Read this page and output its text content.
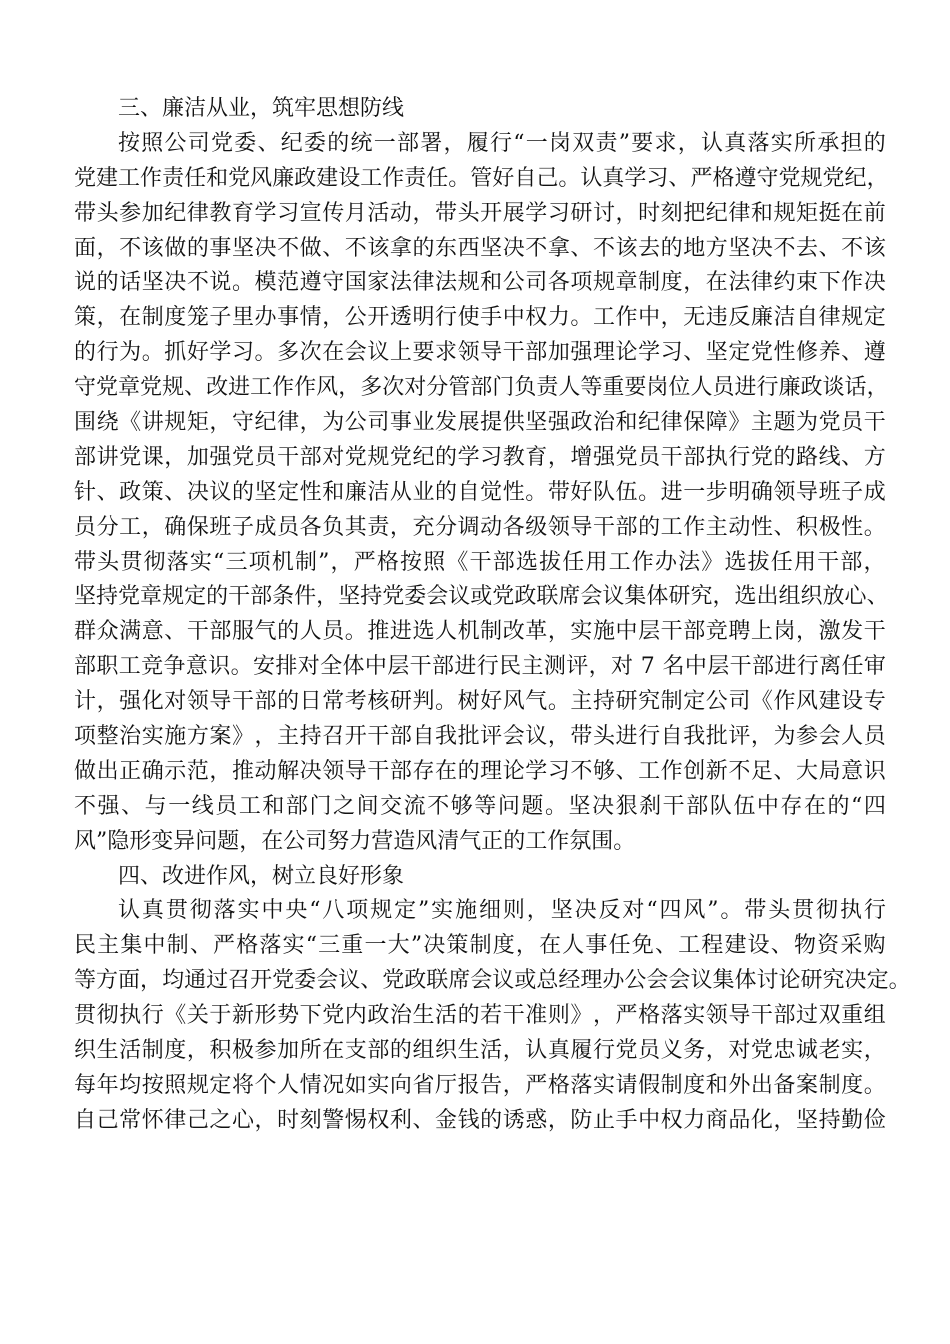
三、廉洁从业，筑牢思想防线
按 照 公 司 党 委 、 纪 委 的 统 一 部 署 ， 履 行 “ 一 岗 双 责 ” 要 求 ， 认 真 落 实 所 承 担 的
党 建 工 作 责 任 和 党 风 廉 政 建 设 工 作 责 任 。 管 好 自 己 。 认 真 学 习 、 严 格 遵 守 党 规 党 纪 ，
带 头 参 加 纪 律 教 育 学 习 宣 传 月 活 动 ， 带 头 开 展 学 习 研 讨 ， 时 刻 把 纪 律 和 规 矩 挺 在 前
面 ， 不 该 做 的 事 坚 决 不 做 、 不 该 拿 的 东 西 坚 决 不 拿 、 不 该 去 的 地 方 坚 决 不 去 、 不 该
说 的 话 坚 决 不 说 。 模 范 遵 守 国 家 法 律 法 规 和 公 司 各 项 规 章 制 度 ， 在 法 律 约 束 下 作 决
策 ， 在 制 度 笼 子 里 办 事 情 ， 公 开 透 明 行 使 手 中 权 力 。 工 作 中 ， 无 违 反 廉 洁 自 律 规 定
的 行 为 。 抓 好 学 习 。 多 次 在 会 议 上 要 求 领 导 干 部 加 强 理 论 学 习 、 坚 定 党 性 修 养 、 遵
守 党 章 党 规 、 改 进 工 作 作 风 ， 多 次 对 分 管 部 门 负 责 人 等 重 要 岗 位 人 员 进 行 廉 政 谈 话 ，
围 绕 《 讲 规 矩 ， 守 纪 律 ， 为 公 司 事 业 发 展 提 供 坚 强 政 治 和 纪 律 保 障 》 主 题 为 党 员 干
部 讲 党 课 ， 加 强 党 员 干 部 对 党 规 党 纪 的 学 习 教 育 ， 增 强 党 员 干 部 执 行 党 的 路 线 、 方
针 、 政 策 、 决 议 的 坚 定 性 和 廉 洁 从 业 的 自 觉 性 。 带 好 队 伍 。 进 一 步 明 确 领 导 班 子 成
员 分 工 ， 确 保 班 子 成 员 各 负 其 责 ， 充 分 调 动 各 级 领 导 干 部 的 工 作 主 动 性 、 积 极 性 。
带 头 贯 彻 落 实 “ 三 项 机 制 ” ， 严 格 按 照 《 干 部 选 拔 任 用 工 作 办 法 》 选 拔 任 用 干 部 ，
坚 持 党 章 规 定 的 干 部 条 件 ， 坚 持 党 委 会 议 或 党 政 联 席 会 议 集 体 研 究 ， 选 出 组 织 放 心 、
群 众 满 意 、 干 部 服 气 的 人 员 。 推 进 选 人 机 制 改 革 ， 实 施 中 层 干 部 竞 聘 上 岗 ， 激 发 干
部 职 工 竞 争 意 识 。 安 排 对 全 体 中 层 干 部 进 行 民 主 测 评 ， 对
7
名 中 层 干 部 进 行 离 任 审
计 ， 强 化 对 领 导 干 部 的 日 常 考 核 研 判 。 树 好 风 气 。 主 持 研 究 制 定 公 司 《 作 风 建 设 专
项 整 治 实 施 方 案 》 ， 主 持 召 开 干 部 自 我 批 评 会 议 ， 带 头 进 行 自 我 批 评 ， 为 参 会 人 员
做 出 正 确 示 范 ， 推 动 解 决 领 导 干 部 存 在 的 理 论 学 习 不 够 、 工 作 创 新 不 足 、 大 局 意 识
不 强 、 与 一 线 员 工 和 部 门 之 间 交 流 不 够 等 问 题 。 坚 决 狠 刹 干 部 队 伍 中 存 在 的 “ 四
风”隐形变异问题，在公司努力营造风清气正的工作氛围。
四、改进作风，树立良好形象
认 真 贯 彻 落 实 中 央 “ 八 项 规 定 ” 实 施 细 则 ， 坚 决 反 对 “ 四 风 ” 。 带 头 贯 彻 执 行
民 主 集 中 制 、 严 格 落 实 “ 三 重 一 大 ” 决 策 制 度 ， 在 人 事 任 免 、 工 程 建 设 、 物 资 采 购
等 方 面 ， 均 通 过 召 开 党 委 会 议 、 党 政 联 席 会 议 或 总 经 理 办 公 会 会 议 集 体 讨 论 研 究 决 定 。
贯 彻 执 行 《 关 于 新 形 势 下 党 内 政 治 生 活 的 若 干 准 则 》 ， 严 格 落 实 领 导 干 部 过 双 重 组
织 生 活 制 度 ， 积 极 参 加 所 在 支 部 的 组 织 生 活 ， 认 真 履 行 党 员 义 务 ， 对 党 忠 诚 老 实 ，
每 年 均 按 照 规 定 将 个 人 情 况 如 实 向 省 厅 报 告 ， 严 格 落 实 请 假 制 度 和 外 出 备 案 制 度 。
自 己 常 怀 律 己 之 心 ， 时 刻 警 惕 权 利 、 金 钱 的 诱 惑 ， 防 止 手 中 权 力 商 品 化 ， 坚 持 勤 俭
